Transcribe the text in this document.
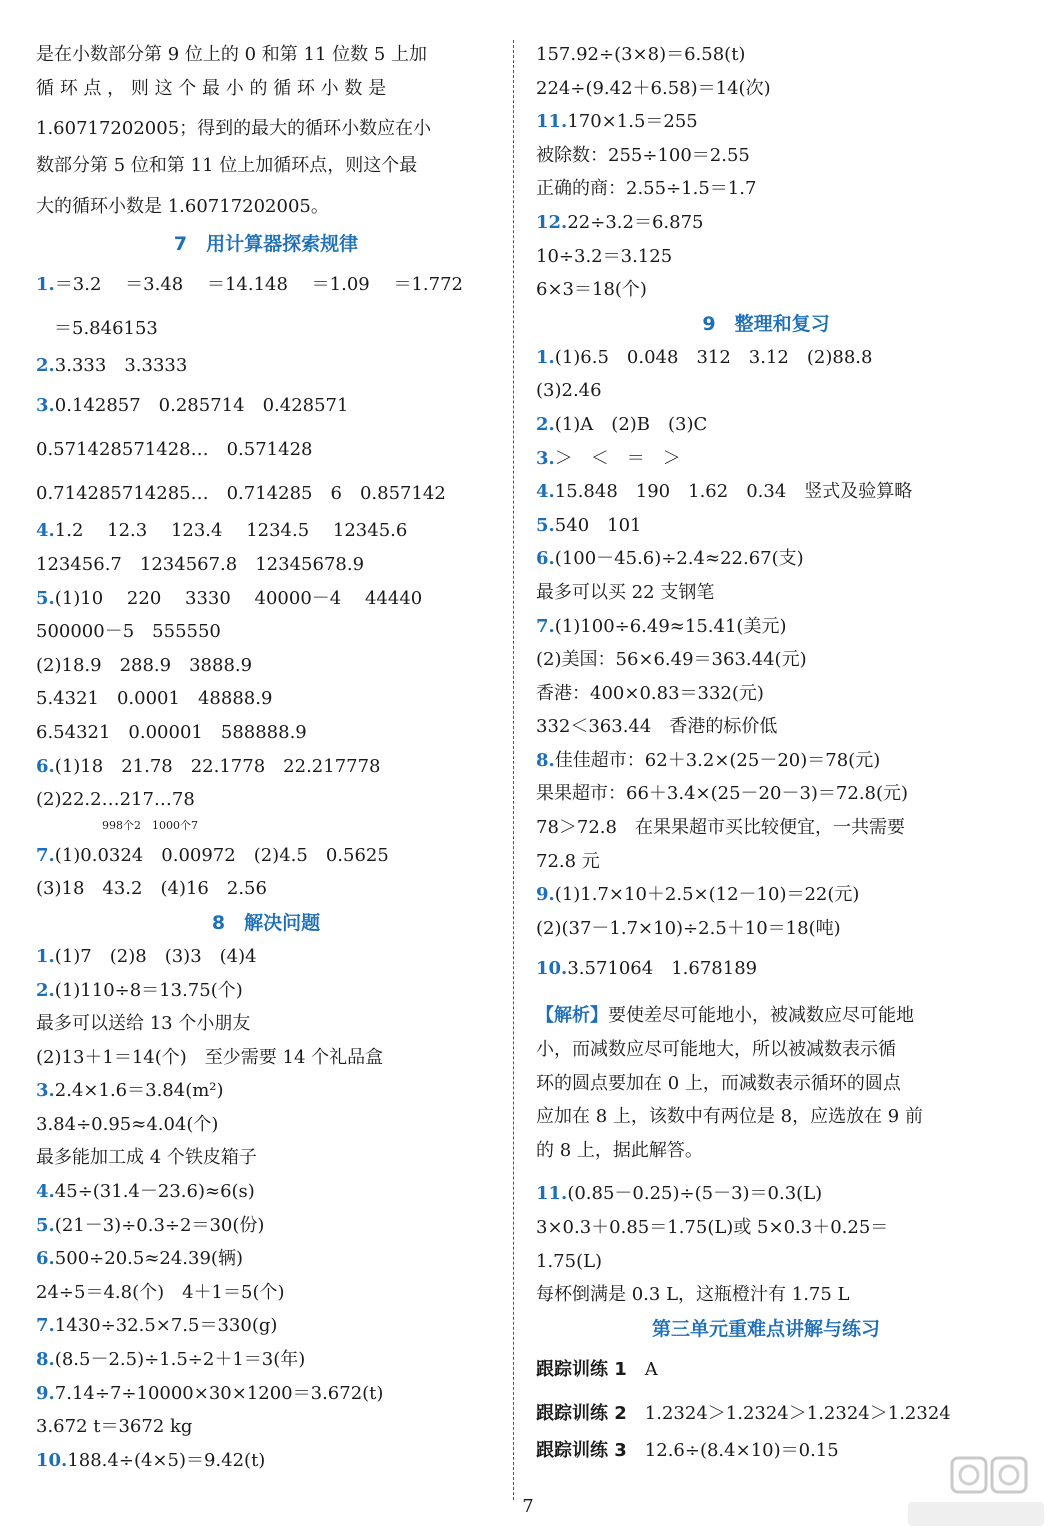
是在小数部分第 9 位上的 0 和第 11 位数 5 上加
循 环 点 ， 则 这 个 最 小 的 循 环 小 数 是
1.60717202005；得到的最大的循环小数应在小
数部分第 5 位和第 11 位上加循环点，则这个最
大的循环小数是 1.60717202005。
7　用计算器探索规律
1.＝3.2　 ＝3.48　 ＝14.148　 ＝1.09　 ＝1.772
　＝5.846153
2.3.333　3.3333
3.0.142857　0.285714　0.428571
0.571428571428…　0.571428
0.714285714285…　0.714285　6　0.857142
4.1.2　 12.3　 123.4　 1234.5　 12345.6
123456.7　1234567.8　12345678.9
5.(1)10　 220　 3330　 40000－4　 44440
500000－5　555550
(2)18.9　288.9　3888.9
5.4321　0.0001　48888.9
6.54321　0.00001　588888.9
6.(1)18　21.78　22.1778　22.217778
(2)22.2…217…78
998个2　1000个7
7.(1)0.0324　0.00972　(2)4.5　0.5625
(3)18　43.2　(4)16　2.56
8　解决问题
1.(1)7　(2)8　(3)3　(4)4
2.(1)110÷8＝13.75(个)
最多可以送给 13 个小朋友
(2)13＋1＝14(个)　至少需要 14 个礼品盒
3.2.4×1.6＝3.84(m²)
3.84÷0.95≈4.04(个)
最多能加工成 4 个铁皮箱子
4.45÷(31.4－23.6)≈6(s)
5.(21－3)÷0.3÷2＝30(份)
6.500÷20.5≈24.39(辆)
24÷5＝4.8(个)　4＋1＝5(个)
7.1430÷32.5×7.5＝330(g)
8.(8.5－2.5)÷1.5÷2＋1＝3(年)
9.7.14÷7÷10000×30×1200＝3.672(t)
3.672 t＝3672 kg
10.188.4÷(4×5)＝9.42(t)
157.92÷(3×8)＝6.58(t)
224÷(9.42＋6.58)＝14(次)
11.170×1.5＝255
被除数：255÷100＝2.55
正确的商：2.55÷1.5＝1.7
12.22÷3.2＝6.875
10÷3.2＝3.125
6×3＝18(个)
9　整理和复习
1.(1)6.5　0.048　312　3.12　(2)88.8
(3)2.46
2.(1)A　(2)B　(3)C
3.＞　＜　＝　＞
4.15.848　190　1.62　0.34　竖式及验算略
5.540　101
6.(100－45.6)÷2.4≈22.67(支)
最多可以买 22 支钢笔
7.(1)100÷6.49≈15.41(美元)
(2)美国：56×6.49＝363.44(元)
香港：400×0.83＝332(元)
332＜363.44　香港的标价低
8.佳佳超市：62＋3.2×(25－20)＝78(元)
果果超市：66＋3.4×(25－20－3)＝72.8(元)
78＞72.8　在果果超市买比较便宜，一共需要
72.8 元
9.(1)1.7×10＋2.5×(12－10)＝22(元)
(2)(37－1.7×10)÷2.5＋10＝18(吨)
10.3.571064　1.678189
【解析】要使差尽可能地小，被减数应尽可能地
小，而减数应尽可能地大，所以被减数表示循
环的圆点要加在 0 上，而减数表示循环的圆点
应加在 8 上，该数中有两位是 8，应选放在 9 前
的 8 上，据此解答。
11.(0.85－0.25)÷(5－3)＝0.3(L)
3×0.3＋0.85＝1.75(L)或 5×0.3＋0.25＝
1.75(L)
每杯倒满是 0.3 L，这瓶橙汁有 1.75 L
第三单元重难点讲解与练习
跟踪训练 1　 A
跟踪训练 2　 1.2324＞1.2324＞1.2324＞1.2324
跟踪训练 3　 12.6÷(8.4×10)＝0.15
7
